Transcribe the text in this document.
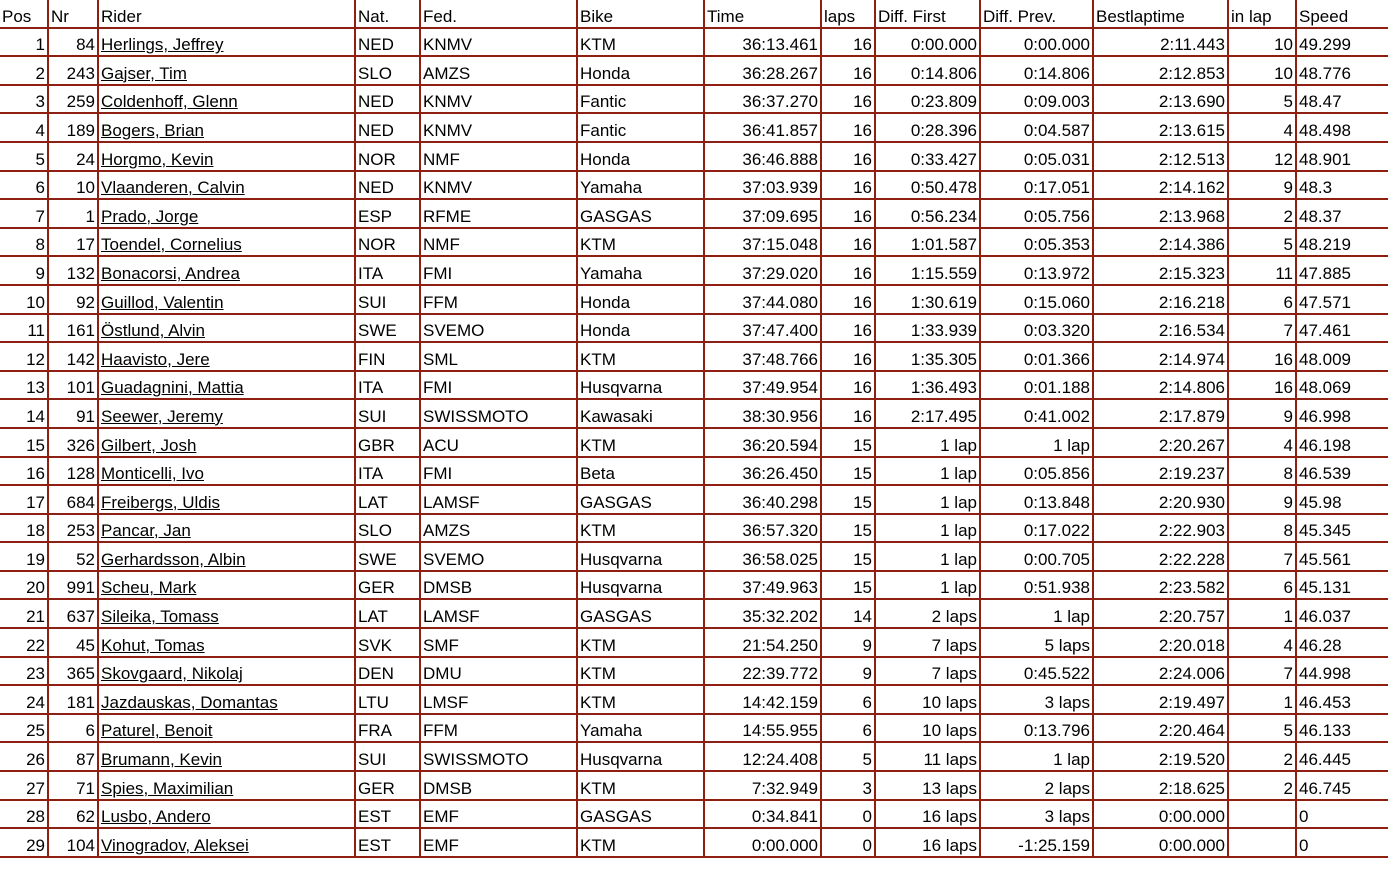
Pos	Nr	Rider	Nat.	Fed.	Bike	Time	laps	Diff. First	Diff. Prev.	Bestlaptime	in lap	Speed
1	84	Herlings, Jeffrey	NED	KNMV	KTM	36:13.461	16	0:00.000	0:00.000	2:11.443	10	49.299
2	243	Gajser, Tim	SLO	AMZS	Honda	36:28.267	16	0:14.806	0:14.806	2:12.853	10	48.776
3	259	Coldenhoff, Glenn	NED	KNMV	Fantic	36:37.270	16	0:23.809	0:09.003	2:13.690	5	48.47
4	189	Bogers, Brian	NED	KNMV	Fantic	36:41.857	16	0:28.396	0:04.587	2:13.615	4	48.498
5	24	Horgmo, Kevin	NOR	NMF	Honda	36:46.888	16	0:33.427	0:05.031	2:12.513	12	48.901
6	10	Vlaanderen, Calvin	NED	KNMV	Yamaha	37:03.939	16	0:50.478	0:17.051	2:14.162	9	48.3
7	1	Prado, Jorge	ESP	RFME	GASGAS	37:09.695	16	0:56.234	0:05.756	2:13.968	2	48.37
8	17	Toendel, Cornelius	NOR	NMF	KTM	37:15.048	16	1:01.587	0:05.353	2:14.386	5	48.219
9	132	Bonacorsi, Andrea	ITA	FMI	Yamaha	37:29.020	16	1:15.559	0:13.972	2:15.323	11	47.885
10	92	Guillod, Valentin	SUI	FFM	Honda	37:44.080	16	1:30.619	0:15.060	2:16.218	6	47.571
11	161	Östlund, Alvin	SWE	SVEMO	Honda	37:47.400	16	1:33.939	0:03.320	2:16.534	7	47.461
12	142	Haavisto, Jere	FIN	SML	KTM	37:48.766	16	1:35.305	0:01.366	2:14.974	16	48.009
13	101	Guadagnini, Mattia	ITA	FMI	Husqvarna	37:49.954	16	1:36.493	0:01.188	2:14.806	16	48.069
14	91	Seewer, Jeremy	SUI	SWISSMOTO	Kawasaki	38:30.956	16	2:17.495	0:41.002	2:17.879	9	46.998
15	326	Gilbert, Josh	GBR	ACU	KTM	36:20.594	15	1 lap	1 lap	2:20.267	4	46.198
16	128	Monticelli, Ivo	ITA	FMI	Beta	36:26.450	15	1 lap	0:05.856	2:19.237	8	46.539
17	684	Freibergs, Uldis	LAT	LAMSF	GASGAS	36:40.298	15	1 lap	0:13.848	2:20.930	9	45.98
18	253	Pancar, Jan	SLO	AMZS	KTM	36:57.320	15	1 lap	0:17.022	2:22.903	8	45.345
19	52	Gerhardsson, Albin	SWE	SVEMO	Husqvarna	36:58.025	15	1 lap	0:00.705	2:22.228	7	45.561
20	991	Scheu, Mark	GER	DMSB	Husqvarna	37:49.963	15	1 lap	0:51.938	2:23.582	6	45.131
21	637	Sileika, Tomass	LAT	LAMSF	GASGAS	35:32.202	14	2 laps	1 lap	2:20.757	1	46.037
22	45	Kohut, Tomas	SVK	SMF	KTM	21:54.250	9	7 laps	5 laps	2:20.018	4	46.28
23	365	Skovgaard, Nikolaj	DEN	DMU	KTM	22:39.772	9	7 laps	0:45.522	2:24.006	7	44.998
24	181	Jazdauskas, Domantas	LTU	LMSF	KTM	14:42.159	6	10 laps	3 laps	2:19.497	1	46.453
25	6	Paturel, Benoit	FRA	FFM	Yamaha	14:55.955	6	10 laps	0:13.796	2:20.464	5	46.133
26	87	Brumann, Kevin	SUI	SWISSMOTO	Husqvarna	12:24.408	5	11 laps	1 lap	2:19.520	2	46.445
27	71	Spies, Maximilian	GER	DMSB	KTM	7:32.949	3	13 laps	2 laps	2:18.625	2	46.745
28	62	Lusbo, Andero	EST	EMF	GASGAS	0:34.841	0	16 laps	3 laps	0:00.000		0
29	104	Vinogradov, Aleksei	EST	EMF	KTM	0:00.000	0	16 laps	-1:25.159	0:00.000		0
